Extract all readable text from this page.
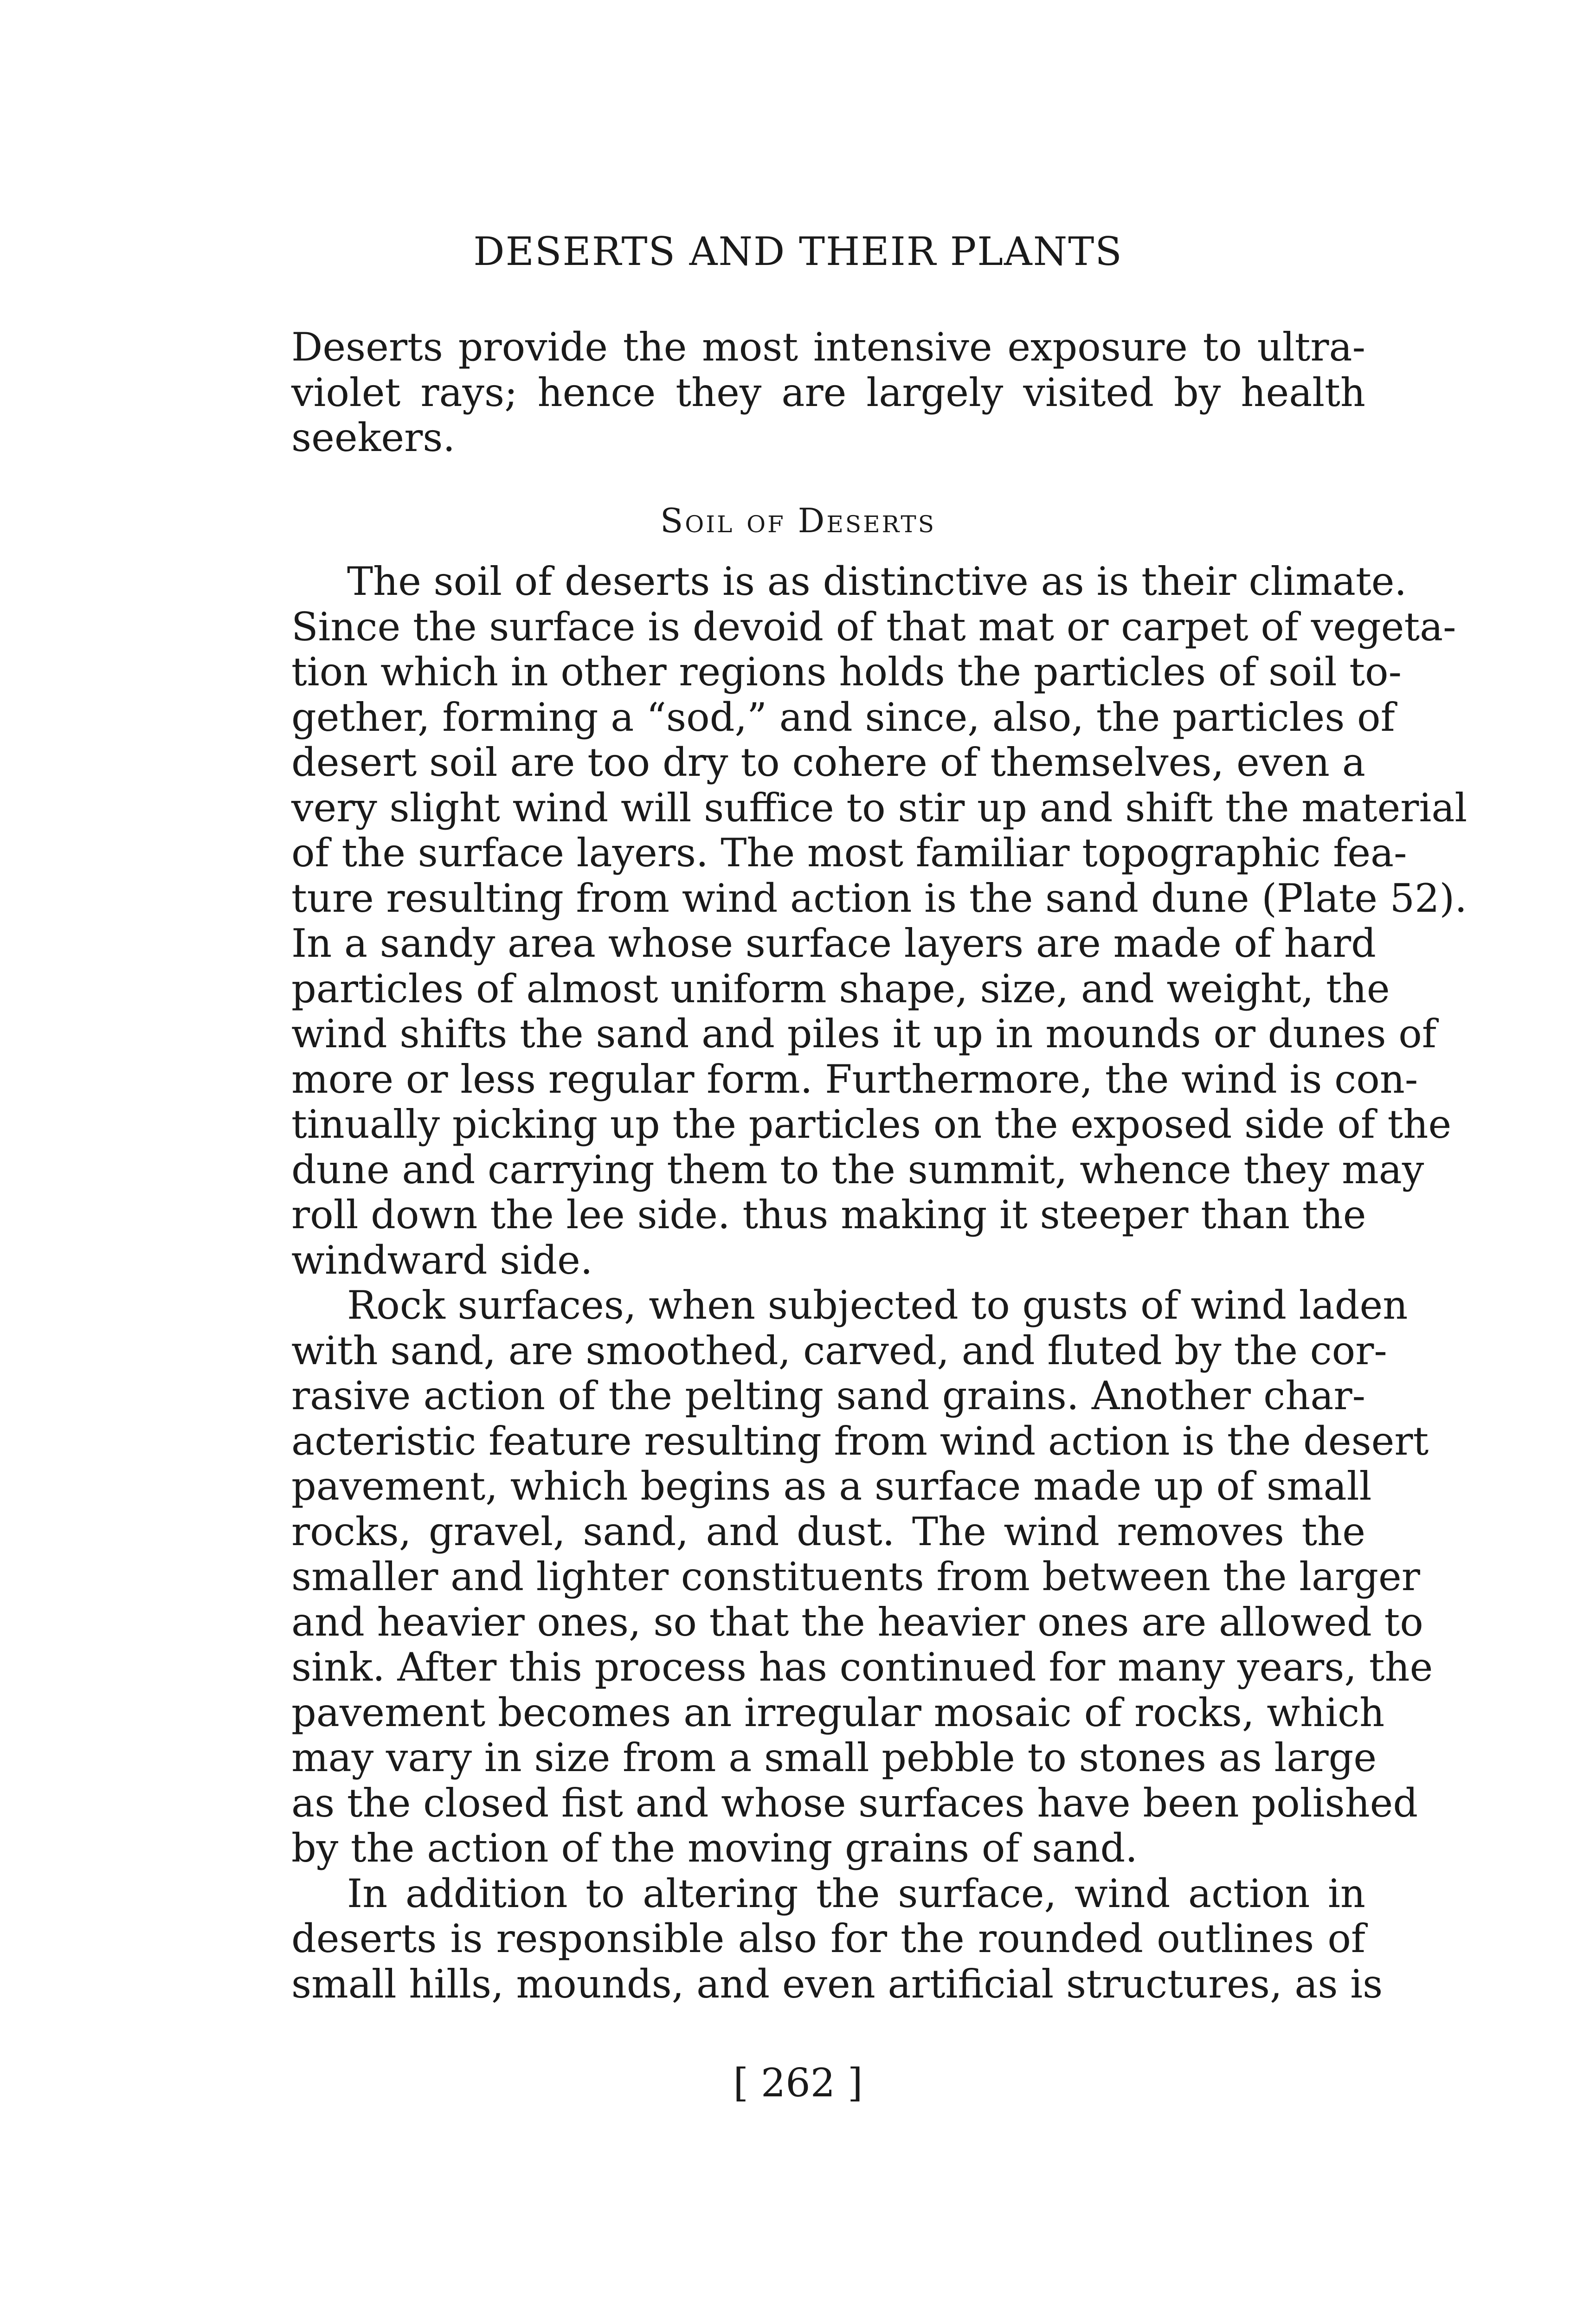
DESERTS AND THEIR PLANTS
Deserts provide the most intensive exposure to ultra-
violet rays; hence they are largely visited by health
seekers.
Soil of Deserts
The soil of deserts is as distinctive as is their climate.
Since the surface is devoid of that mat or carpet of vegeta-
tion which in other regions holds the particles of soil to-
gether, forming a “sod,” and since, also, the particles of
desert soil are too dry to cohere of themselves, even a
very slight wind will suffice to stir up and shift the material
of the surface layers. The most familiar topographic fea-
ture resulting from wind action is the sand dune (Plate 52).
In a sandy area whose surface layers are made of hard
particles of almost uniform shape, size, and weight, the
wind shifts the sand and piles it up in mounds or dunes of
more or less regular form. Furthermore, the wind is con-
tinually picking up the particles on the exposed side of the
dune and carrying them to the summit, whence they may
roll down the lee side. thus making it steeper than the
windward side.
Rock surfaces, when subjected to gusts of wind laden
with sand, are smoothed, carved, and fluted by the cor-
rasive action of the pelting sand grains. Another char-
acteristic feature resulting from wind action is the desert
pavement, which begins as a surface made up of small
rocks, gravel, sand, and dust. The wind removes the
smaller and lighter constituents from between the larger
and heavier ones, so that the heavier ones are allowed to
sink. After this process has continued for many years, the
pavement becomes an irregular mosaic of rocks, which
may vary in size from a small pebble to stones as large
as the closed fist and whose surfaces have been polished
by the action of the moving grains of sand.
In addition to altering the surface, wind action in
deserts is responsible also for the rounded outlines of
small hills, mounds, and even artificial structures, as is
[ 262 ]
